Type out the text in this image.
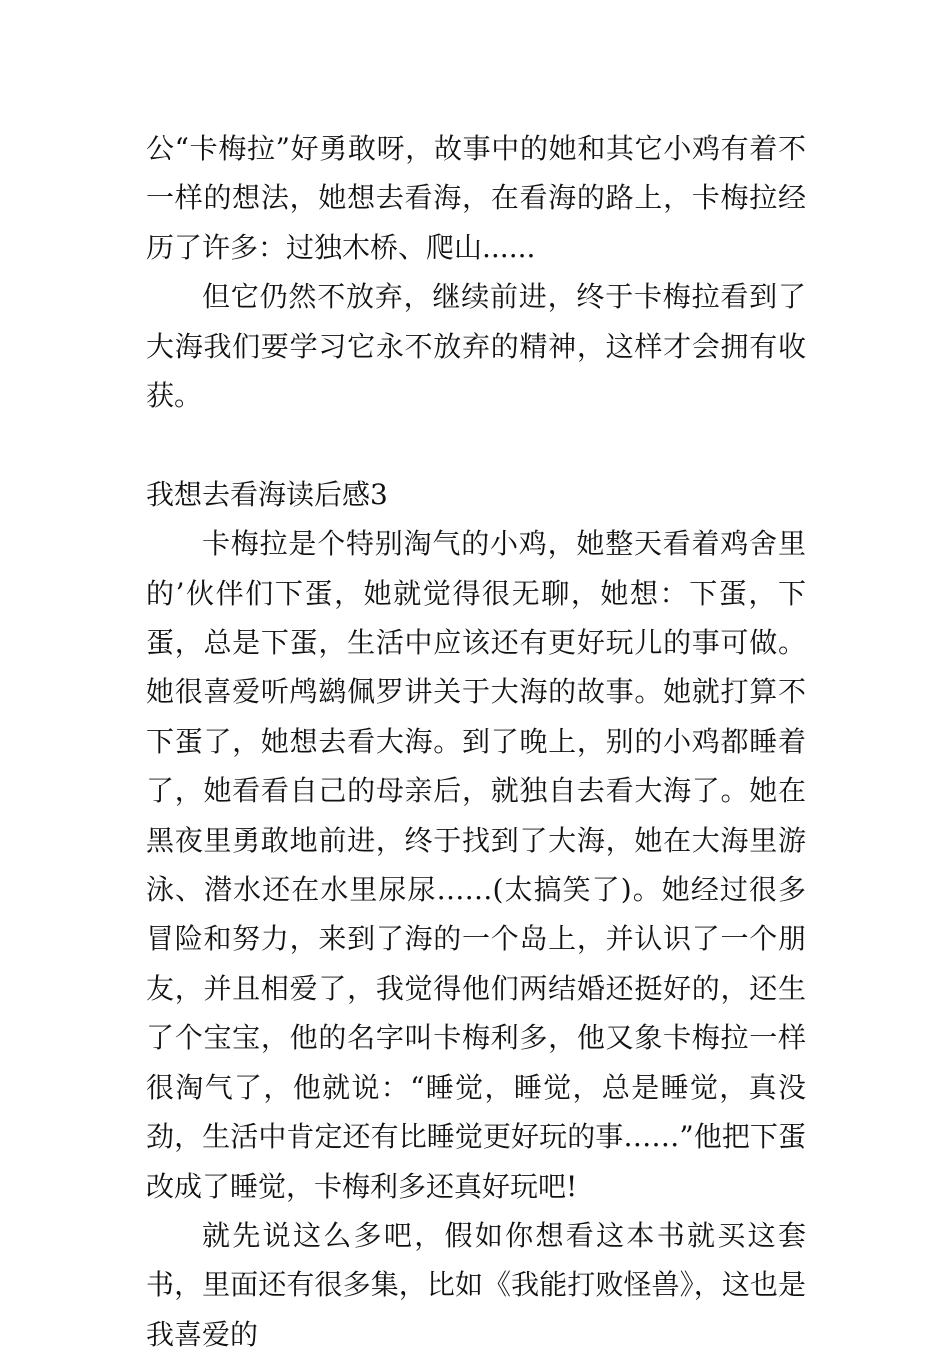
公“卡梅拉”好勇敢呀，故事中的她和其它小鸡有着不一样的想法，她想去看海，在看海的路上，卡梅拉经历了许多：过独木桥、爬山......

但它仍然不放弃，继续前进，终于卡梅拉看到了大海我们要学习它永不放弃的精神，这样才会拥有收获。

我想去看海读后感3

卡梅拉是个特别淘气的小鸡，她整天看着鸡舍里的’伙伴们下蛋，她就觉得很无聊，她想：下蛋，下蛋，总是下蛋，生活中应该还有更好玩儿的事可做。她很喜爱听鸬鹚佩罗讲关于大海的故事。她就打算不下蛋了，她想去看大海。到了晚上，别的小鸡都睡着了，她看看自己的母亲后，就独自去看大海了。她在黑夜里勇敢地前进，终于找到了大海，她在大海里游泳、潜水还在水里尿尿……(太搞笑了)。她经过很多冒险和努力，来到了海的一个岛上，并认识了一个朋友，并且相爱了，我觉得他们两结婚还挺好的，还生了个宝宝，他的名字叫卡梅利多，他又象卡梅拉一样很淘气了，他就说：“睡觉，睡觉，总是睡觉，真没劲，生活中肯定还有比睡觉更好玩的事……”他把下蛋改成了睡觉，卡梅利多还真好玩吧!

就先说这么多吧，假如你想看这本书就买这套书，里面还有很多集，比如《我能打败怪兽》，这也是我喜爱的
